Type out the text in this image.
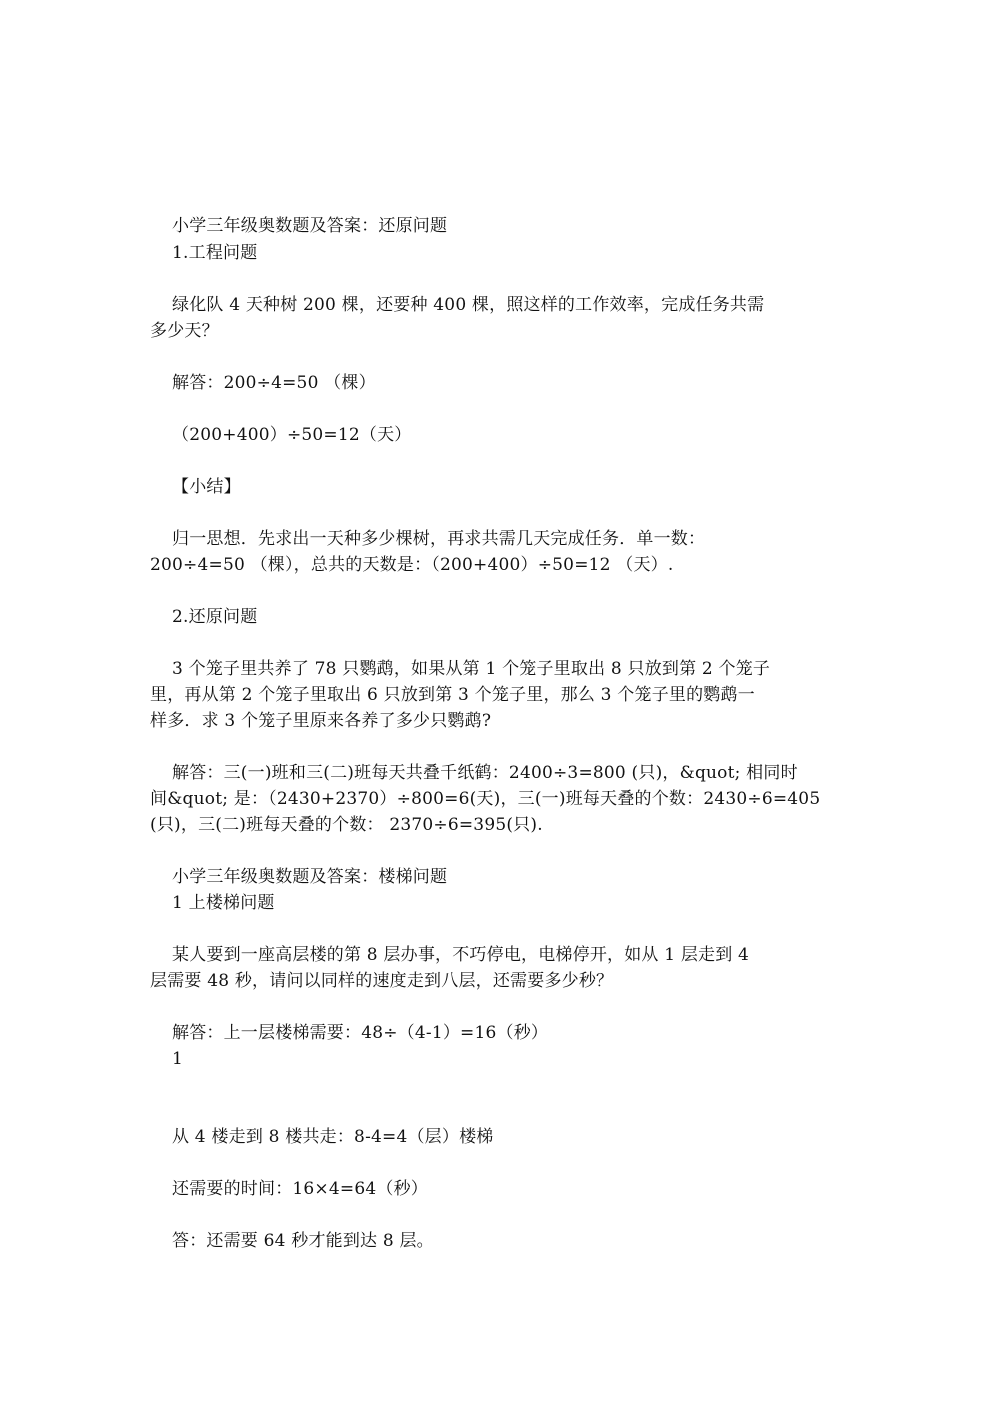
小学三年级奥数题及答案：还原问题
1.工程问题
绿化队 4 天种树 200 棵，还要种 400 棵，照这样的工作效率，完成任务共需
多少天？
解答：200÷4=50 （棵）
（200+400）÷50=12（天）
【小结】
归一思想．先求出一天种多少棵树，再求共需几天完成任务．单一数：
200÷4=50 （棵），总共的天数是：（200+400）÷50=12 （天）.
2.还原问题
3 个笼子里共养了 78 只鹦鹉，如果从第 1 个笼子里取出 8 只放到第 2 个笼子
里，再从第 2 个笼子里取出 6 只放到第 3 个笼子里，那么 3 个笼子里的鹦鹉一
样多．求 3 个笼子里原来各养了多少只鹦鹉?
解答：三(一)班和三(二)班每天共叠千纸鹤：2400÷3=800 (只)，&quot; 相同时
间&quot; 是：（2430+2370）÷800=6(天)，三(一)班每天叠的个数：2430÷6=405
(只)，三(二)班每天叠的个数： 2370÷6=395(只).
小学三年级奥数题及答案：楼梯问题
1 上楼梯问题
某人要到一座高层楼的第 8 层办事，不巧停电，电梯停开，如从 1 层走到 4
层需要 48 秒，请问以同样的速度走到八层，还需要多少秒？
解答：上一层楼梯需要：48÷（4-1）=16（秒）
1
从 4 楼走到 8 楼共走：8-4=4（层）楼梯
还需要的时间：16×4=64（秒）
答：还需要 64 秒才能到达 8 层。
